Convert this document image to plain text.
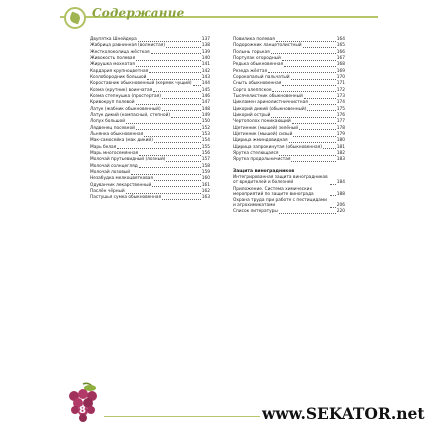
Содержание
Двупятка Шнейдера	137
Жабрица равнинная (волнистая)	138
Жестколоколица жёсткая	139
Живокость полевая	140
Жирушка мохнатая	141
Кардария крупноцветная	142
Козлобородник большой	143
Короставник обыкновенный (кермек чущий) 144
Коэма (крутник) воинчатая	145
Коэма степнушка (простертая)	146
Кривокруп полевой	147
Латук (жабник обыкновенный)	148
Латук дикий (компасный, степной)	149
Лопух большой	150
Лядвенец посевной	152
Льнянка обыкновенная	153
Мак-самосейка (мак дикий)	154
Марь белая	155
Марь многосемянная	156
Молочай прутьевидный (лозный)	157
Молочай солнцегляд	158
Молочай лозовый	159
Незабудка мелкоцветковая	160
Одуванчик лекарственный	161
Паслён чёрный	162
Пастушья сумка обыкновенная	163
Повилика полевая	164
Подорожник ланцетолистный	165
Полынь горькая	166
Портулак огородный	167
Редька обыкновенная	168
Резеда жёлтая	169
Сорокопалый пальчатый	170
Сныть обыкновенная	171
Сорго алеппское	172
Тысячелистник обыкновенный	173
Цикламен аринолистничнистная	174
Цикорий дикий (обыкновенный)	175
Цикорий острый	176
Чертополох поникающий	177
Щетинник (мышей) зелёный	178
Щетинник (мышей) сизый	179
Щирица жминдовидная	180
Щирица запрокинутая (обыкновенная)	181
Ярутка стелющаяся	182
Ярутка продольничистая	183
Защита виноградников
Интегрированная защита виноградников от вредителей и болезней	184
Приложение. Система химических мероприятий по защите винограда	188
Охрана труда при работе с пестицидами и агрохимикатами	206
Список литературы	220
8	www.SEKATOR.net
